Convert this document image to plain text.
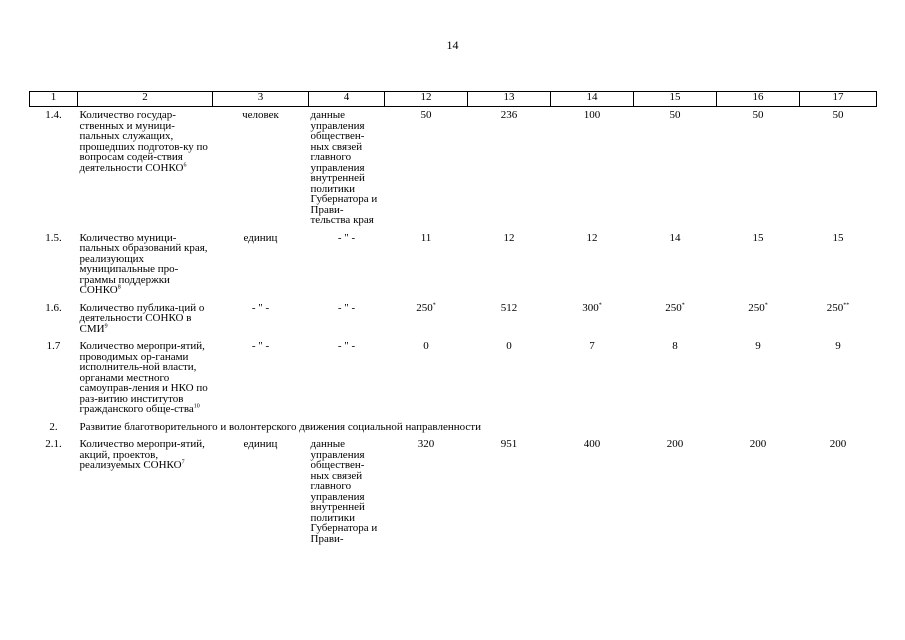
14
1	2	3	4	12	13	14	15	16	17
1.4.	Количество государ-ственных и муници-пальных служащих, прошедших подготов-ку по вопросам содей-ствия деятельности СОНКО$^6$	человек	данные управления обществен-ных связей главного управления внутренней политики Губернатора и Прави-тельства края	50	236	100	50	50	50
1.5.	Количество муници-пальных образований края, реализующих муниципальные про-граммы поддержки СОНКО$^8$	единиц	- " -	11	12	12	14	15	15
1.6.	Количество публика-ций о деятельности СОНКО в СМИ$^9$	- " -	- " -	250*	512	300*	250*	250*	250**
1.7	Количество меропри-ятий, проводимых ор-ганами исполнитель-ной власти, органами местного самоуправ-ления и НКО по раз-витию институтов гражданского обще-ства$^{10}$	- " -	- " -	0	0	7	8	9	9
2.	Развитие благотворительного и волонтерского движения социальной направленности								
2.1.	Количество меропри-ятий, акций, проектов, реализуемых СОНКО$^7$	единиц	данные управления обществен-ных связей главного управления внутренней политики Губернатора и Прави-	320	951	400	200	200	200
